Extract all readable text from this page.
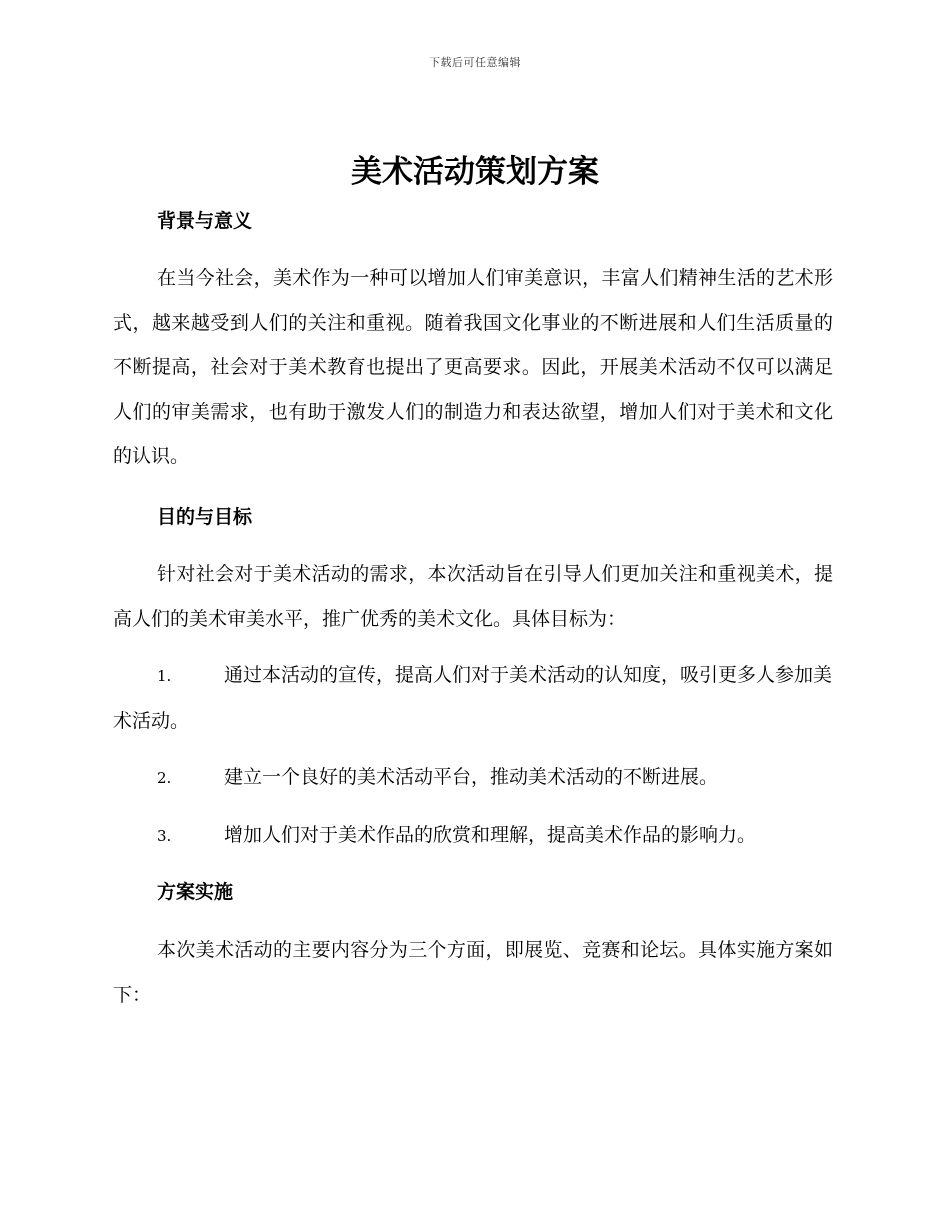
下载后可任意编辑
美术活动策划方案
背景与意义

在当今社会，美术作为一种可以增加人们审美意识，丰富人们精神生活的艺术形式，越来越受到人们的关注和重视。随着我国文化事业的不断进展和人们生活质量的不断提高，社会对于美术教育也提出了更高要求。因此，开展美术活动不仅可以满足人们的审美需求，也有助于激发人们的制造力和表达欲望，增加人们对于美术和文化的认识。

目的与目标

针对社会对于美术活动的需求，本次活动旨在引导人们更加关注和重视美术，提高人们的美术审美水平，推广优秀的美术文化。具体目标为：

1.	通过本活动的宣传，提高人们对于美术活动的认知度，吸引更多人参加美术活动。

2.	建立一个良好的美术活动平台，推动美术活动的不断进展。

3.	增加人们对于美术作品的欣赏和理解，提高美术作品的影响力。

方案实施

本次美术活动的主要内容分为三个方面，即展览、竞赛和论坛。具体实施方案如下：
